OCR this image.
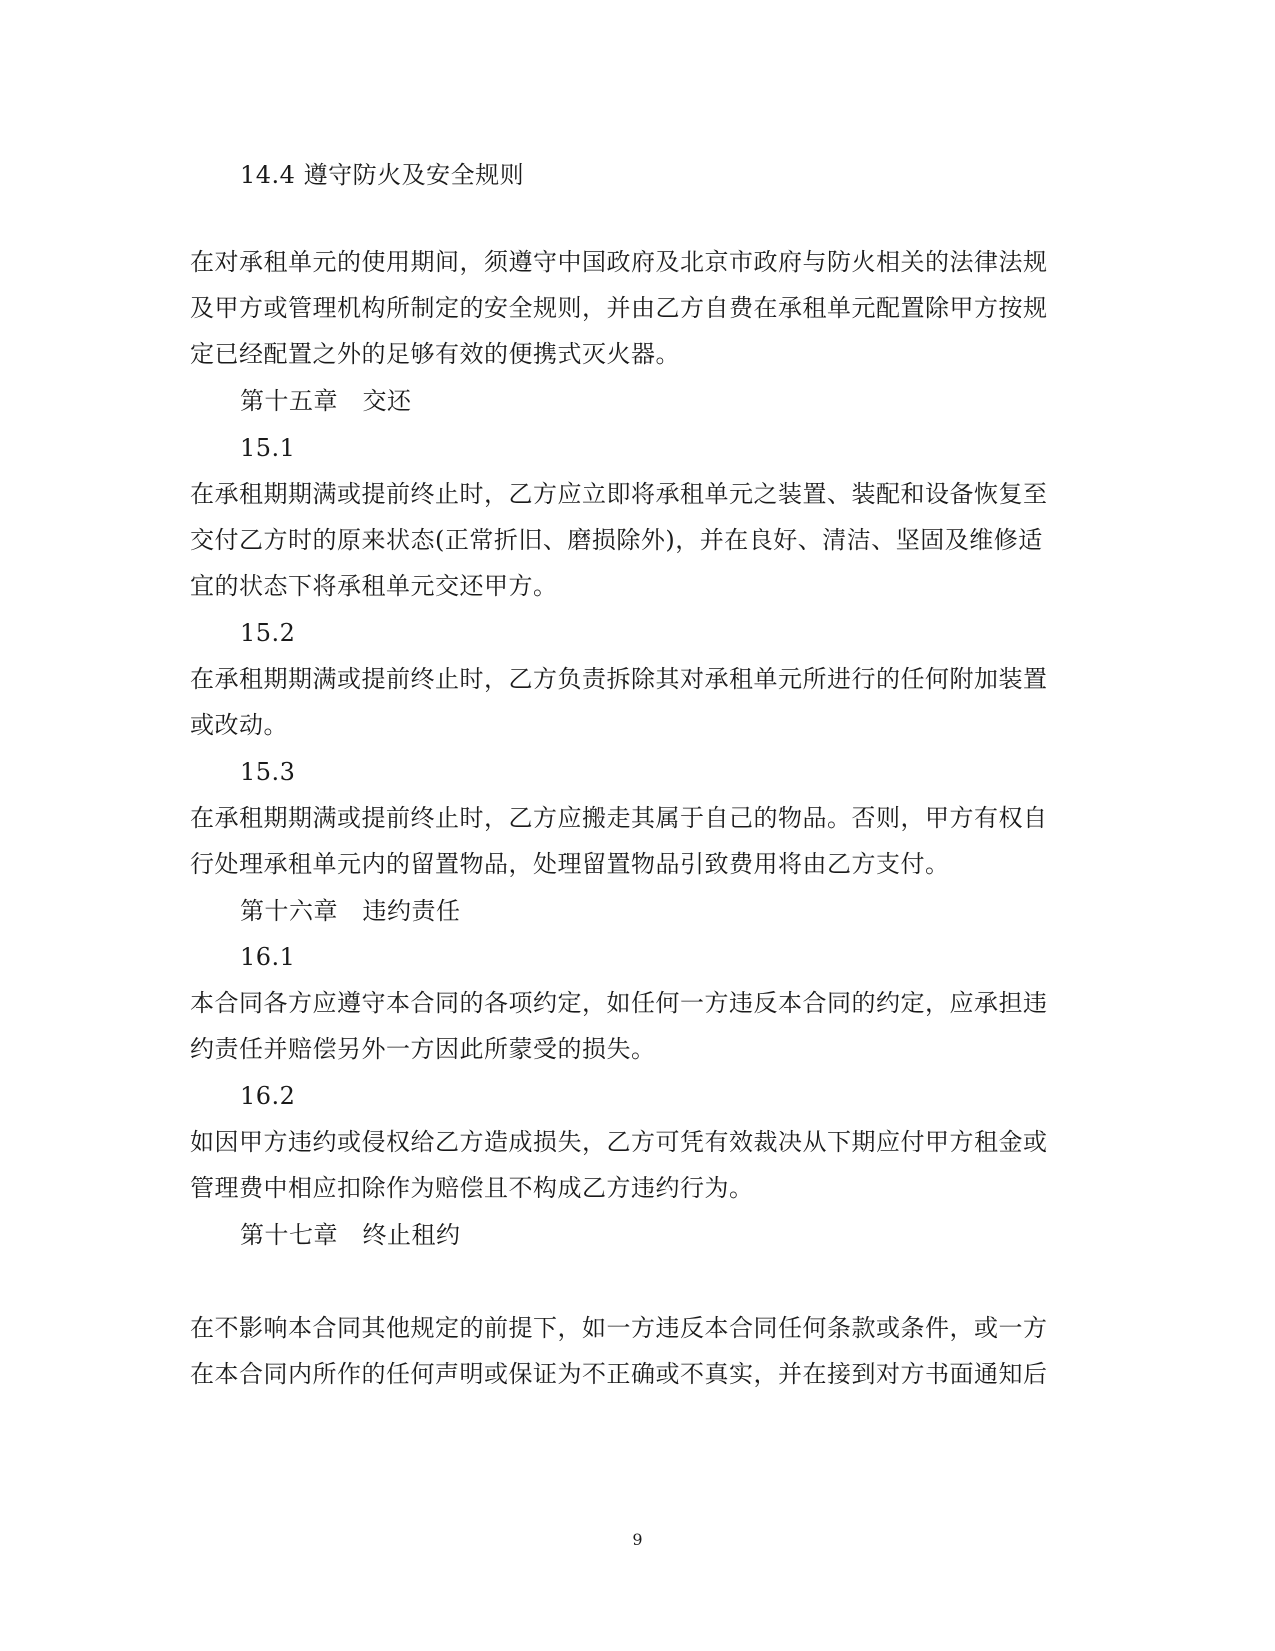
14.4 遵守防火及安全规则
在对承租单元的使用期间，须遵守中国政府及北京市政府与防火相关的法律法规
及甲方或管理机构所制定的安全规则，并由乙方自费在承租单元配置除甲方按规
定已经配置之外的足够有效的便携式灭火器。
第十五章　交还
15.1
在承租期期满或提前终止时，乙方应立即将承租单元之装置、装配和设备恢复至
交付乙方时的原来状态(正常折旧、磨损除外)，并在良好、清洁、坚固及维修适
宜的状态下将承租单元交还甲方。
15.2
在承租期期满或提前终止时，乙方负责拆除其对承租单元所进行的任何附加装置
或改动。
15.3
在承租期期满或提前终止时，乙方应搬走其属于自己的物品。否则，甲方有权自
行处理承租单元内的留置物品，处理留置物品引致费用将由乙方支付。
第十六章　违约责任
16.1
本合同各方应遵守本合同的各项约定，如任何一方违反本合同的约定，应承担违
约责任并赔偿另外一方因此所蒙受的损失。
16.2
如因甲方违约或侵权给乙方造成损失，乙方可凭有效裁决从下期应付甲方租金或
管理费中相应扣除作为赔偿且不构成乙方违约行为。
第十七章　终止租约
在不影响本合同其他规定的前提下，如一方违反本合同任何条款或条件，或一方
在本合同内所作的任何声明或保证为不正确或不真实，并在接到对方书面通知后
9
